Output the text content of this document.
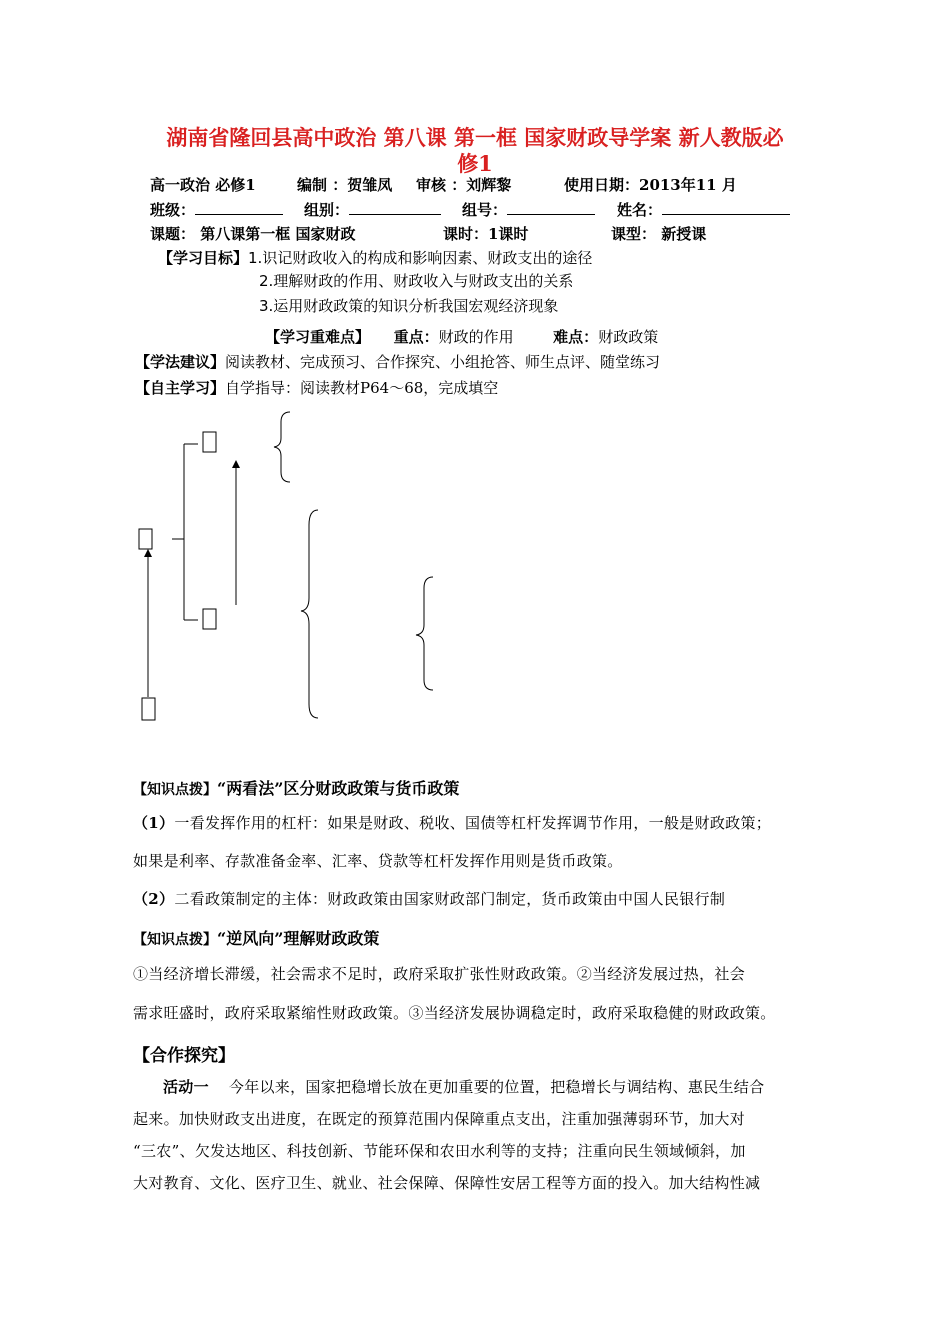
湖南省隆回县高中政治 第八课 第一框 国家财政导学案 新人教版必
修1
高一政治 必修1	编制 ：贺雏凤 审核 ：刘辉黎	使用日期：2013年11 月
班级：	组别：	组号：	姓名：
课题： 第八课第一框 国家财政	课时：1课时	课型： 新授课
【学习目标】1.识记财政收入的构成和影响因素、财政支出的途径
2.理解财政的作用、财政收入与财政支出的关系
3.运用财政政策的知识分析我国宏观经济现象
【学习重难点】 重点：财政的作用	难点：财政政策
【学法建议】阅读教材、完成预习、合作探究、小组抢答、师生点评、随堂练习
【自主学习】自学指导：阅读教材P64～68，完成填空
【知识点拨】“两看法”区分财政政策与货币政策
（1）一看发挥作用的杠杆：如果是财政、税收、国债等杠杆发挥调节作用，一般是财政政策；
如果是利率、存款准备金率、汇率、贷款等杠杆发挥作用则是货币政策。
（2）二看政策制定的主体：财政政策由国家财政部门制定，货币政策由中国人民银行制
【知识点拨】“逆风向”理解财政政策
①当经济增长滞缓，社会需求不足时，政府采取扩张性财政政策。②当经济发展过热，社会
需求旺盛时，政府采取紧缩性财政政策。③当经济发展协调稳定时，政府采取稳健的财政政策。
【合作探究】
活动一 今年以来，国家把稳增长放在更加重要的位置，把稳增长与调结构、惠民生结合
起来。加快财政支出进度，在既定的预算范围内保障重点支出，注重加强薄弱环节，加大对
“三农”、欠发达地区、科技创新、节能环保和农田水利等的支持；注重向民生领域倾斜，加
大对教育、文化、医疗卫生、就业、社会保障、保障性安居工程等方面的投入。加大结构性减
